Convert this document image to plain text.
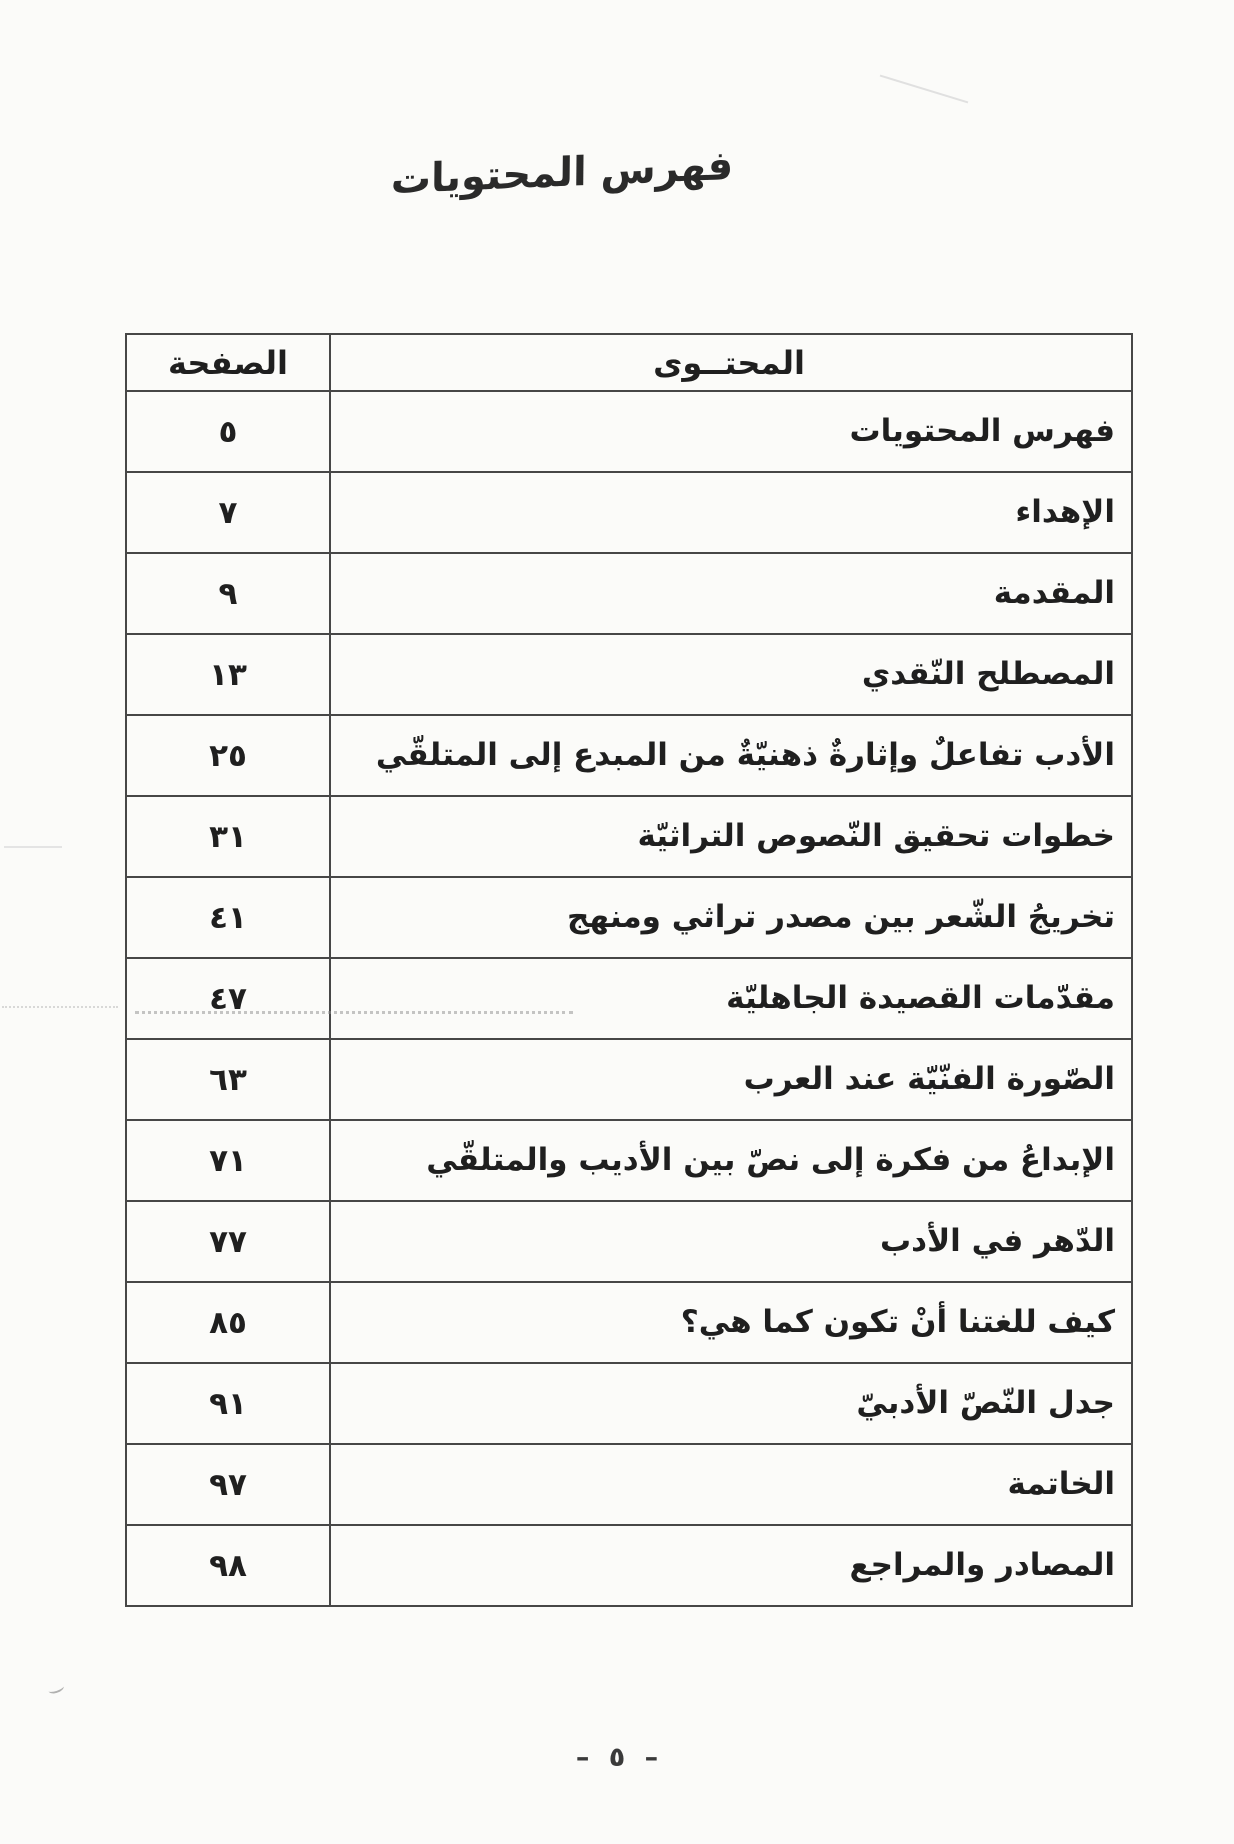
فهرس المحتويات
الصفحة	المحتــوى
٥	فهرس المحتويات
٧	الإهداء
٩	المقدمة
١٣	المصطلح النّقدي
٢٥	الأدب تفاعلٌ وإثارةٌ ذهنيّةٌ من المبدع إلى المتلقّي
٣١	خطوات تحقيق النّصوص التراثيّة
٤١	تخريجُ الشّعر بين مصدر تراثي ومنهج
٤٧	مقدّمات القصيدة الجاهليّة
٦٣	الصّورة الفنّيّة عند العرب
٧١	الإبداعُ من فكرة إلى نصّ بين الأديب والمتلقّي
٧٧	الدّهر في الأدب
٨٥	كيف للغتنا أنْ تكون كما هي؟
٩١	جدل النّصّ الأدبيّ
٩٧	الخاتمة
٩٨	المصادر والمراجع
– ٥ –
